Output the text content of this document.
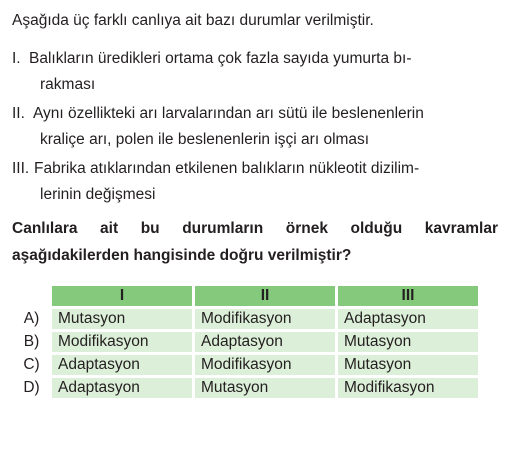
Aşağıda üç farklı canlıya ait bazı durumlar verilmiştir.
I. Balıkların üredikleri ortama çok fazla sayıda yumurta bı-
rakması
II. Aynı özellikteki arı larvalarından arı sütü ile beslenenlerin
kraliçe arı, polen ile beslenenlerin işçi arı olması
III. Fabrika atıklarından etkilenen balıkların nükleotit dizilim-
lerinin değişmesi
Canlılara ait bu durumların örnek olduğu kavramlar
aşağıdakilerden hangisinde doğru verilmiştir?
	I	II	III
A)	Mutasyon	Modifikasyon	Adaptasyon
B)	Modifikasyon	Adaptasyon	Mutasyon
C)	Adaptasyon	Modifikasyon	Mutasyon
D)	Adaptasyon	Mutasyon	Modifikasyon
